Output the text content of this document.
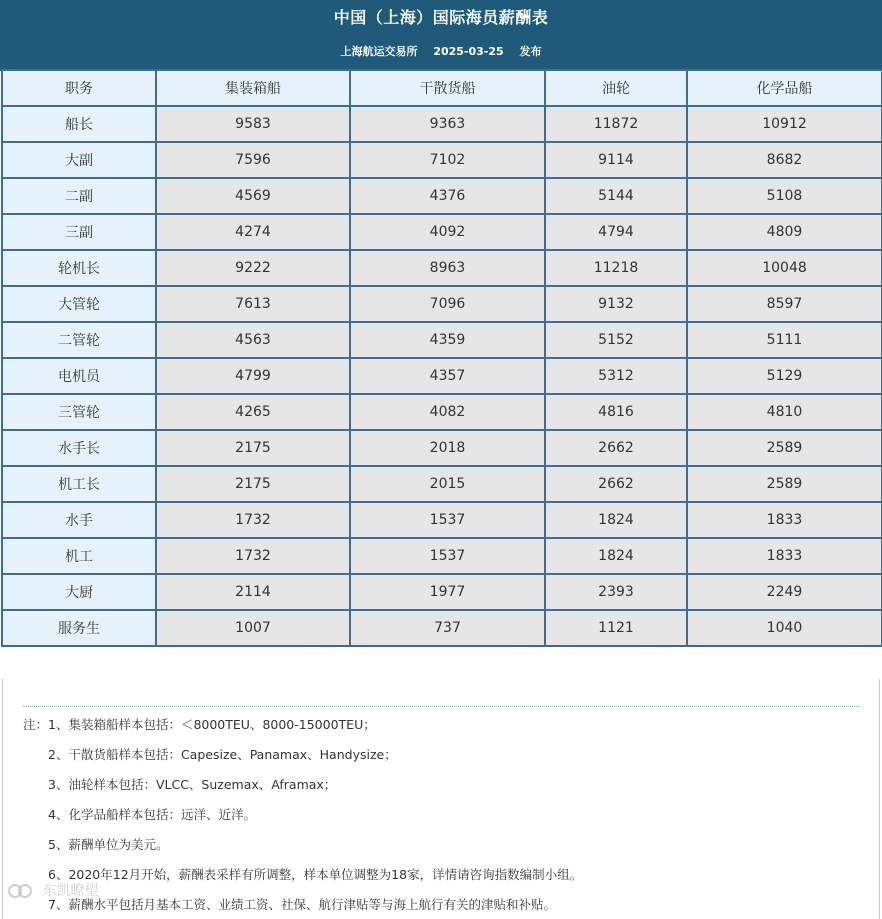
中国（上海）国际海员薪酬表
上海航运交易所 2025-03-25 发布
职务	集装箱船	干散货船	油轮	化学品船
船长	9583	9363	11872	10912
大副	7596	7102	9114	8682
二副	4569	4376	5144	5108
三副	4274	4092	4794	4809
轮机长	9222	8963	11218	10048
大管轮	7613	7096	9132	8597
二管轮	4563	4359	5152	5111
电机员	4799	4357	5312	5129
三管轮	4265	4082	4816	4810
水手长	2175	2018	2662	2589
机工长	2175	2015	2662	2589
水手	1732	1537	1824	1833
机工	1732	1537	1824	1833
大厨	2114	1977	2393	2249
服务生	1007	737	1121	1040
注：1、集装箱船样本包括：＜8000TEU、8000-15000TEU；
2、干散货船样本包括：Capesize、Panamax、Handysize；
3、油轮样本包括：VLCC、Suzemax、Aframax；
4、化学品船样本包括：远洋、近洋。
5、薪酬单位为美元。
6、2020年12月开始，薪酬表采样有所调整，样本单位调整为18家，详情请咨询指数编制小组。
7、薪酬水平包括月基本工资、业绩工资、社保、航行津贴等与海上航行有关的津贴和补贴。
东凯瞭望
